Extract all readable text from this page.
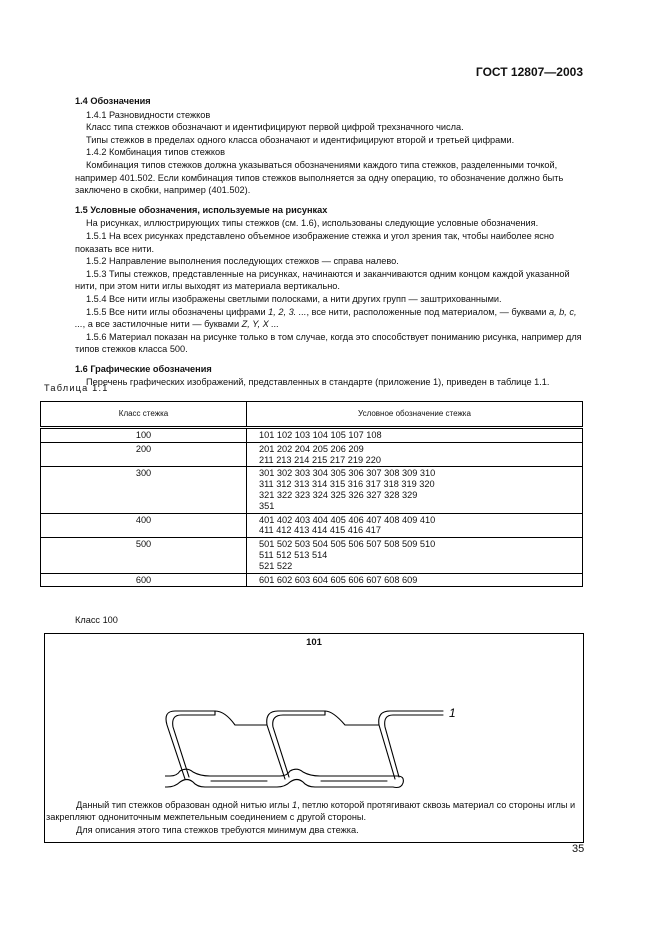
ГОСТ 12807—2003
1.4 Обозначения

1.4.1 Разновидности стежков

Класс типа стежков обозначают и идентифицируют первой цифрой трехзначного числа.

Типы стежков в пределах одного класса обозначают и идентифицируют второй и третьей цифрами.

1.4.2 Комбинация типов стежков

Комбинация типов стежков должна указываться обозначениями каждого типа стежков, разделенными точкой, например 401.502. Если комбинация типов стежков выполняется за одну операцию, то обозначение должно быть заключено в скобки, например (401.502).

1.5 Условные обозначения, используемые на рисунках

На рисунках, иллюстрирующих типы стежков (см. 1.6), использованы следующие условные обозначения.

1.5.1 На всех рисунках представлено объемное изображение стежка и угол зрения так, чтобы наиболее ясно показать все нити.

1.5.2 Направление выполнения последующих стежков — справа налево.

1.5.3 Типы стежков, представленные на рисунках, начинаются и заканчиваются одним концом каждой указанной нити, при этом нити иглы выходят из материала вертикально.

1.5.4 Все нити иглы изображены светлыми полосками, а нити других групп — заштрихованными.

1.5.5 Все нити иглы обозначены цифрами 1, 2, 3. ..., все нити, расположенные под материалом, — буквами a, b, c, ..., а все застилочные нити — буквами Z, Y, X ...

1.5.6 Материал показан на рисунке только в том случае, когда это способствует пониманию рисунка, например для типов стежков класса 500.

1.6 Графические обозначения

Перечень графических изображений, представленных в стандарте (приложение 1), приведен в таблице 1.1.

Таблица 1.1
Класс стежка	Условное обозначение стежка
100	101 102 103 104 105 107 108

200	201 202 204 205 206 209
211 213 214 215 217 219 220

300	301 302 303 304 305 306 307 308 309 310
311 312 313 314 315 316 317 318 319 320
321 322 323 324 325 326 327 328 329
351

400	401 402 403 404 405 406 407 408 409 410
411 412 413 414 415 416 417

500	501 502 503 504 505 506 507 508 509 510
511 512 513 514
521 522

600	601 602 603 604 605 606 607 608 609
Класс 100
101
1

Данный тип стежков образован одной нитью иглы 1, петлю которой протягивают сквозь материал со стороны иглы и закрепляют однониточным межпетельным соединением с другой стороны.

Для описания этого типа стежков требуются минимум два стежка.

35
